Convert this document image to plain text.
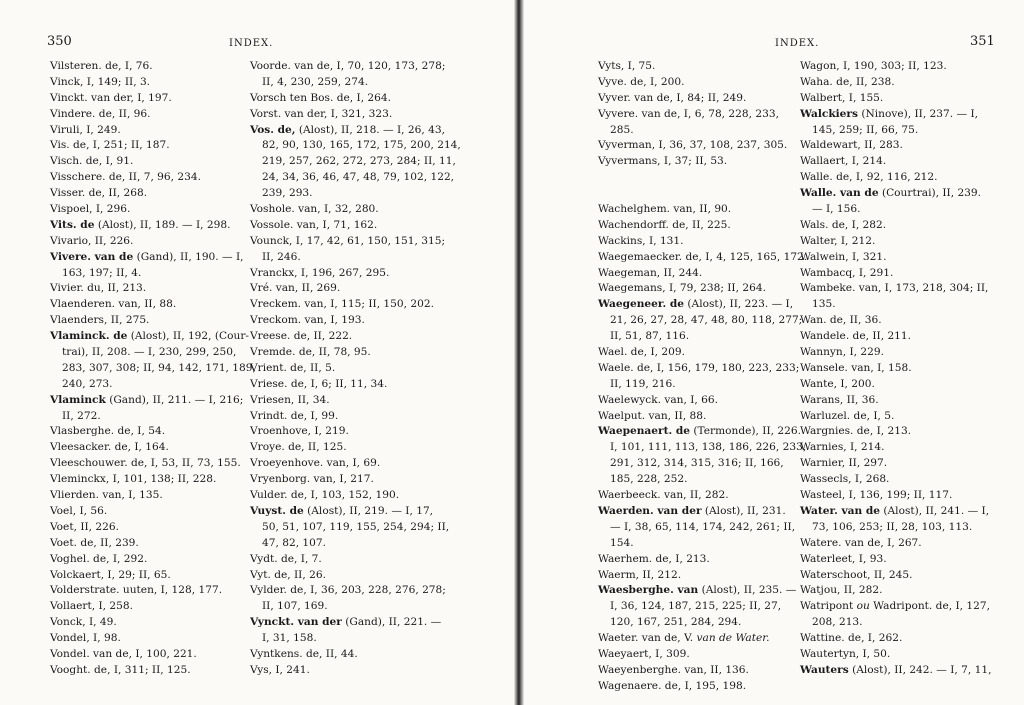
350	INDEX.
Vilsteren. de, I, 76.
Vinck, I, 149; II, 3.
Vinckt. van der, I, 197.
Vindere. de, II, 96.
Viruli, I, 249.
Vis. de, I, 251; II, 187.
Visch. de, I, 91.
Visschere. de, II, 7, 96, 234.
Visser. de, II, 268.
Vispoel, I, 296.
Vits. de (Alost), II, 189. — I, 298.
Vivario, II, 226.
Vivere. van de (Gand), II, 190. — I,
163, 197; II, 4.
Vivier. du, II, 213.
Vlaenderen. van, II, 88.
Vlaenders, II, 275.
Vlaminck. de (Alost), II, 192, (Cour-
trai), II, 208. — I, 230, 299, 250,
283, 307, 308; II, 94, 142, 171, 189,
240, 273.
Vlaminck (Gand), II, 211. — I, 216;
II, 272.
Vlasberghe. de, I, 54.
Vleesacker. de, I, 164.
Vleeschouwer. de, I, 53, II, 73, 155.
Vleminckx, I, 101, 138; II, 228.
Vlierden. van, I, 135.
Voel, I, 56.
Voet, II, 226.
Voet. de, II, 239.
Voghel. de, I, 292.
Volckaert, I, 29; II, 65.
Volderstrate. uuten, I, 128, 177.
Vollaert, I, 258.
Vonck, I, 49.
Vondel, I, 98.
Vondel. van de, I, 100, 221.
Vooght. de, I, 311; II, 125.
Voorde. van de, I, 70, 120, 173, 278;
II, 4, 230, 259, 274.
Vorsch ten Bos. de, I, 264.
Vorst. van der, I, 321, 323.
Vos. de, (Alost), II, 218. — I, 26, 43,
82, 90, 130, 165, 172, 175, 200, 214,
219, 257, 262, 272, 273, 284; II, 11,
24, 34, 36, 46, 47, 48, 79, 102, 122,
239, 293.
Voshole. van, I, 32, 280.
Vossole. van, I, 71, 162.
Vounck, I, 17, 42, 61, 150, 151, 315;
II, 246.
Vranckx, I, 196, 267, 295.
Vré. van, II, 269.
Vreckem. van, I, 115; II, 150, 202.
Vreckom. van, I, 193.
Vreese. de, II, 222.
Vremde. de, II, 78, 95.
Vrient. de, II, 5.
Vriese. de, I, 6; II, 11, 34.
Vriesen, II, 34.
Vrindt. de, I, 99.
Vroenhove, I, 219.
Vroye. de, II, 125.
Vroeyenhove. van, I, 69.
Vryenborg. van, I, 217.
Vulder. de, I, 103, 152, 190.
Vuyst. de (Alost), II, 219. — I, 17,
50, 51, 107, 119, 155, 254, 294; II,
47, 82, 107.
Vydt. de, I, 7.
Vyt. de, II, 26.
Vylder. de, I, 36, 203, 228, 276, 278;
II, 107, 169.
Vynckt. van der (Gand), II, 221. —
I, 31, 158.
Vyntkens. de, II, 44.
Vys, I, 241.
351
INDEX.
Vyts, I, 75.
Vyve. de, I, 200.
Vyver. van de, I, 84; II, 249.
Vyvere. van de, I, 6, 78, 228, 233,
285.
Vyverman, I, 36, 37, 108, 237, 305.
Vyvermans, I, 37; II, 53.
Wachelghem. van, II, 90.
Wachendorff. de, II, 225.
Wackins, I, 131.
Waegemaecker. de, I, 4, 125, 165, 172.
Waegeman, II, 244.
Waegemans, I, 79, 238; II, 264.
Waegeneer. de (Alost), II, 223. — I,
21, 26, 27, 28, 47, 48, 80, 118, 277;
II, 51, 87, 116.
Wael. de, I, 209.
Waele. de, I, 156, 179, 180, 223, 233;
II, 119, 216.
Waelewyck. van, I, 66.
Waelput. van, II, 88.
Waepenaert. de (Termonde), II, 226.
I, 101, 111, 113, 138, 186, 226, 233,
291, 312, 314, 315, 316; II, 166,
185, 228, 252.
Waerbeeck. van, II, 282.
Waerden. van der (Alost), II, 231.
— I, 38, 65, 114, 174, 242, 261; II,
154.
Waerhem. de, I, 213.
Waerm, II, 212.
Waesberghe. van (Alost), II, 235. —
I, 36, 124, 187, 215, 225; II, 27,
120, 167, 251, 284, 294.
Waeter. van de, V. van de Water.
Waeyaert, I, 309.
Waeyenberghe. van, II, 136.
Wagenaere. de, I, 195, 198.
Wagon, I, 190, 303; II, 123.
Waha. de, II, 238.
Walbert, I, 155.
Walckiers (Ninove), II, 237. — I,
145, 259; II, 66, 75.
Waldewart, II, 283.
Wallaert, I, 214.
Walle. de, I, 92, 116, 212.
Walle. van de (Courtrai), II, 239.
— I, 156.
Wals. de, I, 282.
Walter, I, 212.
Walwein, I, 321.
Wambacq, I, 291.
Wambeke. van, I, 173, 218, 304; II,
135.
Wan. de, II, 36.
Wandele. de, II, 211.
Wannyn, I, 229.
Wansele. van, I, 158.
Wante, I, 200.
Warans, II, 36.
Warluzel. de, I, 5.
Wargnies. de, I, 213.
Warnies, I, 214.
Warnier, II, 297.
Wassecls, I, 268.
Wasteel, I, 136, 199; II, 117.
Water. van de (Alost), II, 241. — I,
73, 106, 253; II, 28, 103, 113.
Watere. van de, I, 267.
Waterleet, I, 93.
Waterschoot, II, 245.
Watjou, II, 282.
Watripont ou Wadripont. de, I, 127,
208, 213.
Wattine. de, I, 262.
Wautertyn, I, 50.
Wauters (Alost), II, 242. — I, 7, 11,
